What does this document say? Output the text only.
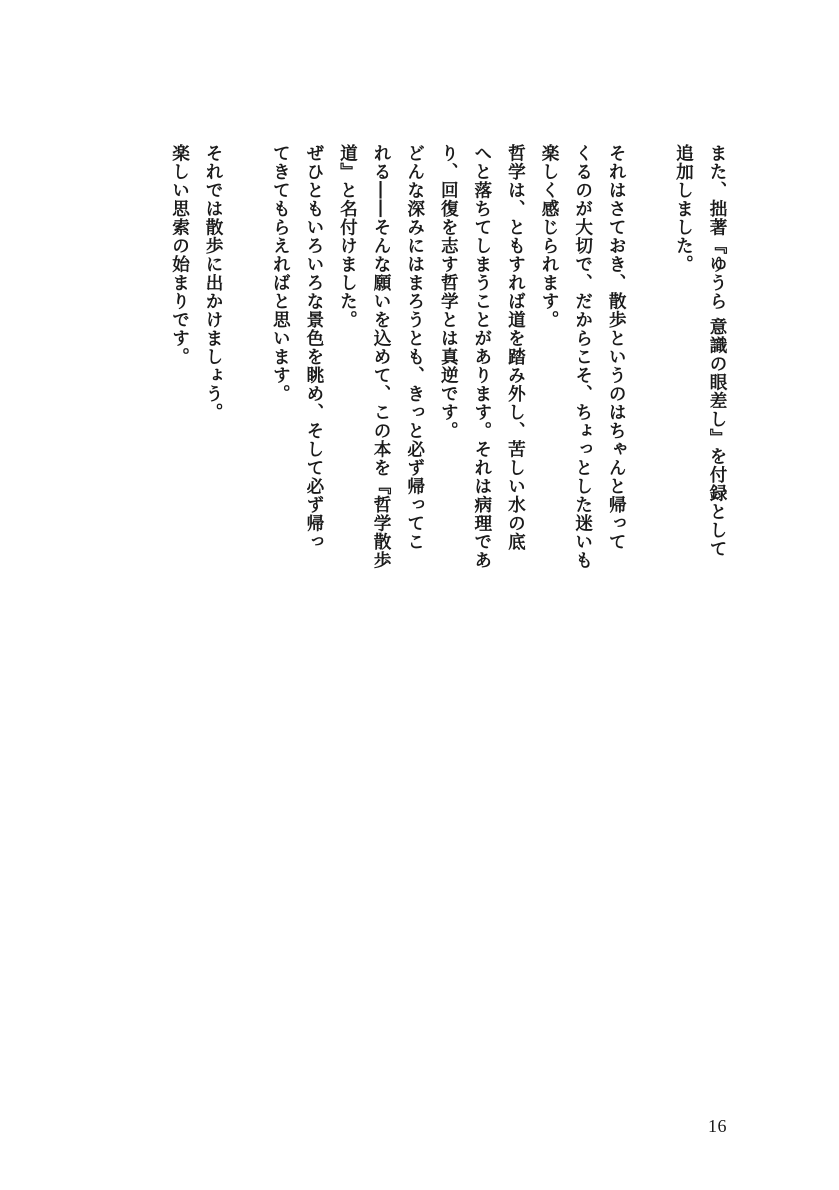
また、拙著『ゆうら 意識の眼差し』を付録として
追加しました。

それはさておき、散歩というのはちゃんと帰って
くるのが大切で、だからこそ、ちょっとした迷いも
楽しく感じられます。
哲学は、ともすれば道を踏み外し、苦しい水の底
へと落ちてしまうことがあります。それは病理であ
り、回復を志す哲学とは真逆です。
どんな深みにはまろうとも、きっと必ず帰ってこ
れる――そんな願いを込めて、この本を『哲学散歩
道』と名付けました。
ぜひともいろいろな景色を眺め、そして必ず帰っ
てきてもらえればと思います。

それでは散歩に出かけましょう。
楽しい思索の始まりです。
16
